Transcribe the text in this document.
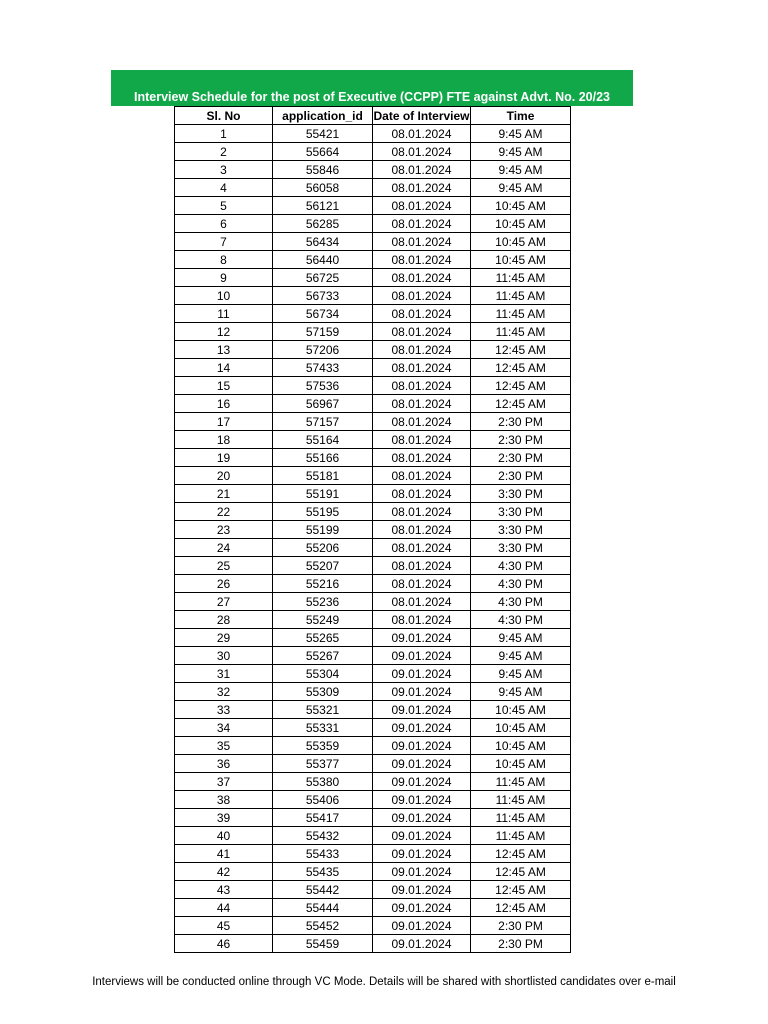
Interview Schedule for the post of Executive (CCPP) FTE against Advt. No. 20/23
Sl. No	application_id	Date of Interview	Time
1	55421	08.01.2024	9:45 AM
2	55664	08.01.2024	9:45 AM
3	55846	08.01.2024	9:45 AM
4	56058	08.01.2024	9:45 AM
5	56121	08.01.2024	10:45 AM
6	56285	08.01.2024	10:45 AM
7	56434	08.01.2024	10:45 AM
8	56440	08.01.2024	10:45 AM
9	56725	08.01.2024	11:45 AM
10	56733	08.01.2024	11:45 AM
11	56734	08.01.2024	11:45 AM
12	57159	08.01.2024	11:45 AM
13	57206	08.01.2024	12:45 AM
14	57433	08.01.2024	12:45 AM
15	57536	08.01.2024	12:45 AM
16	56967	08.01.2024	12:45 AM
17	57157	08.01.2024	2:30 PM
18	55164	08.01.2024	2:30 PM
19	55166	08.01.2024	2:30 PM
20	55181	08.01.2024	2:30 PM
21	55191	08.01.2024	3:30 PM
22	55195	08.01.2024	3:30 PM
23	55199	08.01.2024	3:30 PM
24	55206	08.01.2024	3:30 PM
25	55207	08.01.2024	4:30 PM
26	55216	08.01.2024	4:30 PM
27	55236	08.01.2024	4:30 PM
28	55249	08.01.2024	4:30 PM
29	55265	09.01.2024	9:45 AM
30	55267	09.01.2024	9:45 AM
31	55304	09.01.2024	9:45 AM
32	55309	09.01.2024	9:45 AM
33	55321	09.01.2024	10:45 AM
34	55331	09.01.2024	10:45 AM
35	55359	09.01.2024	10:45 AM
36	55377	09.01.2024	10:45 AM
37	55380	09.01.2024	11:45 AM
38	55406	09.01.2024	11:45 AM
39	55417	09.01.2024	11:45 AM
40	55432	09.01.2024	11:45 AM
41	55433	09.01.2024	12:45 AM
42	55435	09.01.2024	12:45 AM
43	55442	09.01.2024	12:45 AM
44	55444	09.01.2024	12:45 AM
45	55452	09.01.2024	2:30 PM
46	55459	09.01.2024	2:30 PM
Interviews will be conducted online through VC Mode. Details will be shared with shortlisted candidates over e-mail
